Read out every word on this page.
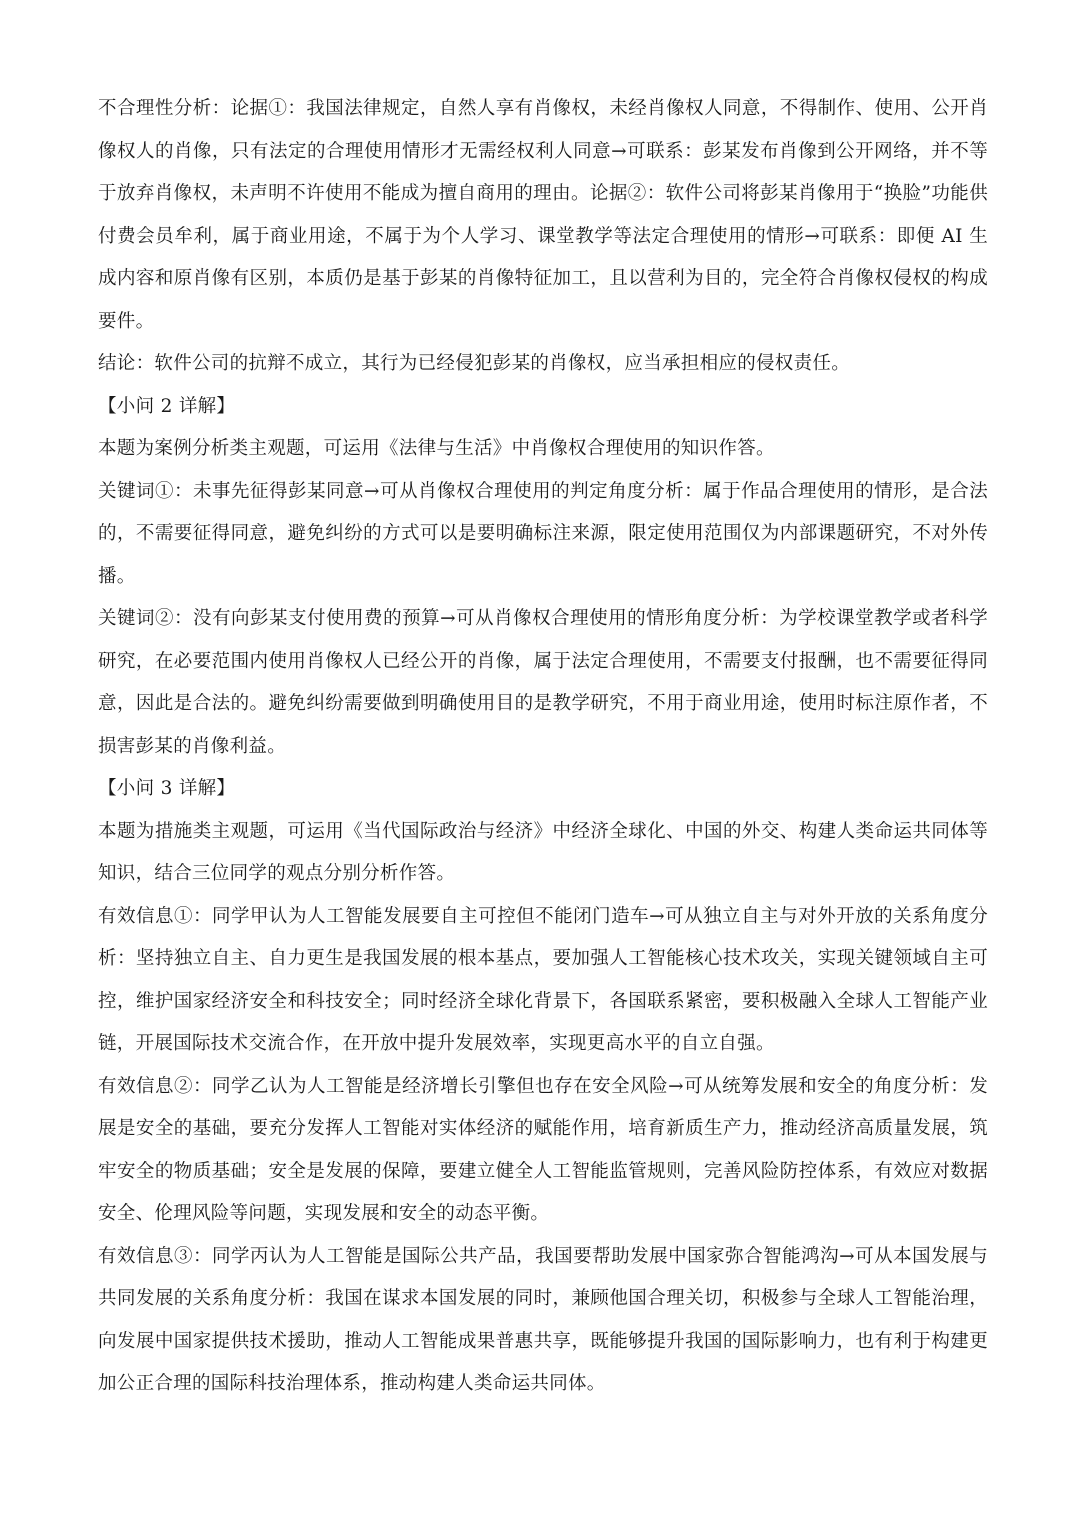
不合理性分析：论据①：我国法律规定，自然人享有肖像权，未经肖像权人同意，不得制作、使用、公开肖像权人的肖像，只有法定的合理使用情形才无需经权利人同意→可联系：彭某发布肖像到公开网络，并不等于放弃肖像权，未声明不许使用不能成为擅自商用的理由。论据②：软件公司将彭某肖像用于“换脸”功能供付费会员牟利，属于商业用途，不属于为个人学习、课堂教学等法定合理使用的情形→可联系：即便 AI 生成内容和原肖像有区别，本质仍是基于彭某的肖像特征加工，且以营利为目的，完全符合肖像权侵权的构成要件。

结论：软件公司的抗辩不成立，其行为已经侵犯彭某的肖像权，应当承担相应的侵权责任。

【小问 2 详解】

本题为案例分析类主观题，可运用《法律与生活》中肖像权合理使用的知识作答。

关键词①：未事先征得彭某同意→可从肖像权合理使用的判定角度分析：属于作品合理使用的情形，是合法的，不需要征得同意，避免纠纷的方式可以是要明确标注来源，限定使用范围仅为内部课题研究，不对外传播。

关键词②：没有向彭某支付使用费的预算→可从肖像权合理使用的情形角度分析：为学校课堂教学或者科学研究，在必要范围内使用肖像权人已经公开的肖像，属于法定合理使用，不需要支付报酬，也不需要征得同意，因此是合法的。避免纠纷需要做到明确使用目的是教学研究，不用于商业用途，使用时标注原作者，不损害彭某的肖像利益。

【小问 3 详解】

本题为措施类主观题，可运用《当代国际政治与经济》中经济全球化、中国的外交、构建人类命运共同体等知识，结合三位同学的观点分别分析作答。

有效信息①：同学甲认为人工智能发展要自主可控但不能闭门造车→可从独立自主与对外开放的关系角度分析：坚持独立自主、自力更生是我国发展的根本基点，要加强人工智能核心技术攻关，实现关键领域自主可控，维护国家经济安全和科技安全；同时经济全球化背景下，各国联系紧密，要积极融入全球人工智能产业链，开展国际技术交流合作，在开放中提升发展效率，实现更高水平的自立自强。

有效信息②：同学乙认为人工智能是经济增长引擎但也存在安全风险→可从统筹发展和安全的角度分析：发展是安全的基础，要充分发挥人工智能对实体经济的赋能作用，培育新质生产力，推动经济高质量发展，筑牢安全的物质基础；安全是发展的保障，要建立健全人工智能监管规则，完善风险防控体系，有效应对数据安全、伦理风险等问题，实现发展和安全的动态平衡。

有效信息③：同学丙认为人工智能是国际公共产品，我国要帮助发展中国家弥合智能鸿沟→可从本国发展与共同发展的关系角度分析：我国在谋求本国发展的同时，兼顾他国合理关切，积极参与全球人工智能治理，向发展中国家提供技术援助，推动人工智能成果普惠共享，既能够提升我国的国际影响力，也有利于构建更加公正合理的国际科技治理体系，推动构建人类命运共同体。
